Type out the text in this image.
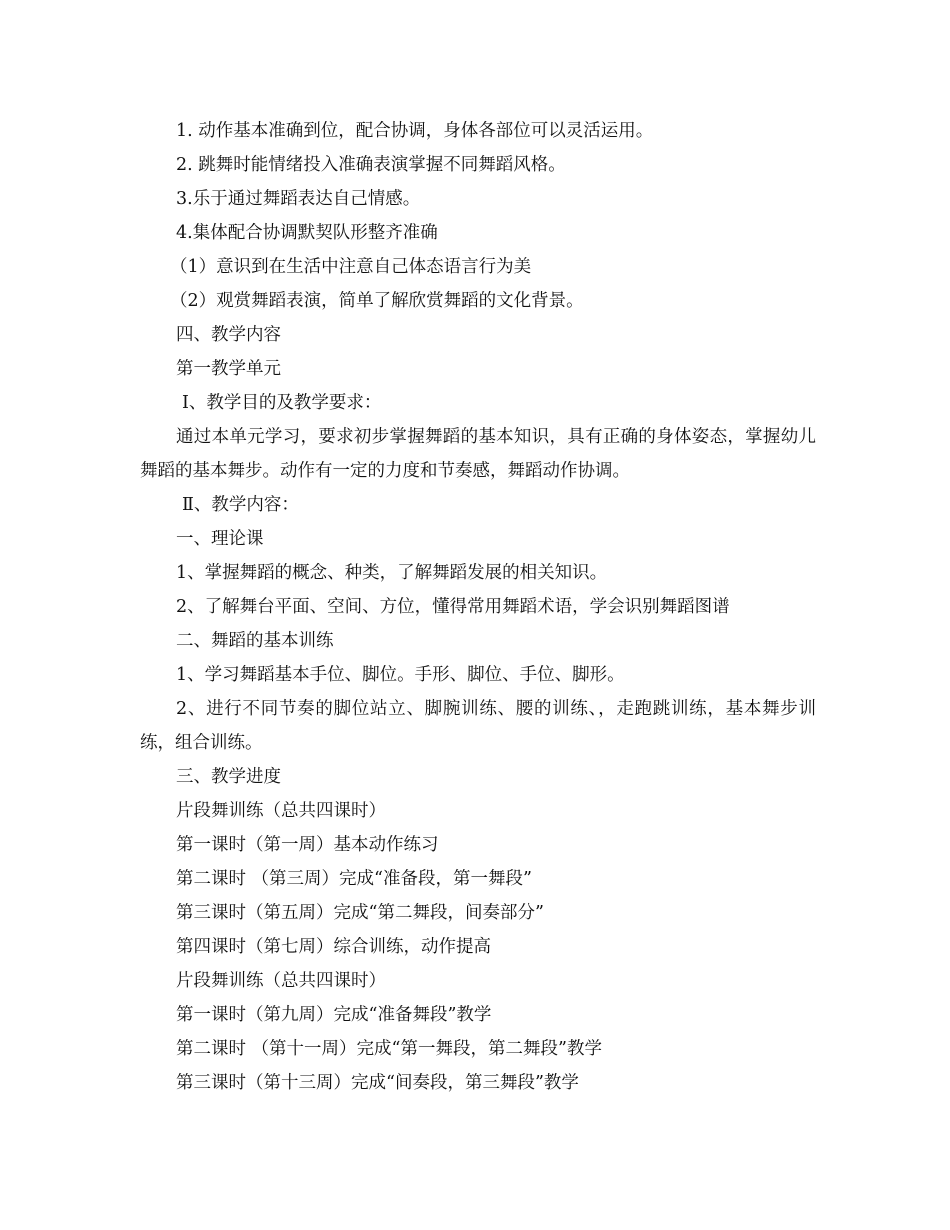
1. 动作基本准确到位，配合协调，身体各部位可以灵活运用。
2. 跳舞时能情绪投入准确表演掌握不同舞蹈风格。
3.乐于通过舞蹈表达自己情感。
4.集体配合协调默契队形整齐准确
（1）意识到在生活中注意自己体态语言行为美
（2）观赏舞蹈表演，简单了解欣赏舞蹈的文化背景。
四、教学内容
第一教学单元
Ⅰ、教学目的及教学要求：
通过本单元学习，要求初步掌握舞蹈的基本知识，具有正确的身体姿态，掌握幼儿舞蹈的基本舞步。动作有一定的力度和节奏感，舞蹈动作协调。
Ⅱ、教学内容：
一、理论课
1、掌握舞蹈的概念、种类，了解舞蹈发展的相关知识。
2、了解舞台平面、空间、方位，懂得常用舞蹈术语，学会识别舞蹈图谱
二、舞蹈的基本训练
1、学习舞蹈基本手位、脚位。手形、脚位、手位、脚形。
2、进行不同节奏的脚位站立、脚腕训练、腰的训练、，走跑跳训练，基本舞步训练，组合训练。
三、教学进度
片段舞训练（总共四课时）
第一课时（第一周）基本动作练习
第二课时 （第三周）完成“准备段，第一舞段”
第三课时（第五周）完成“第二舞段，间奏部分”
第四课时（第七周）综合训练，动作提高
片段舞训练（总共四课时）
第一课时（第九周）完成“准备舞段”教学
第二课时 （第十一周）完成“第一舞段，第二舞段”教学
第三课时（第十三周）完成“间奏段，第三舞段”教学
